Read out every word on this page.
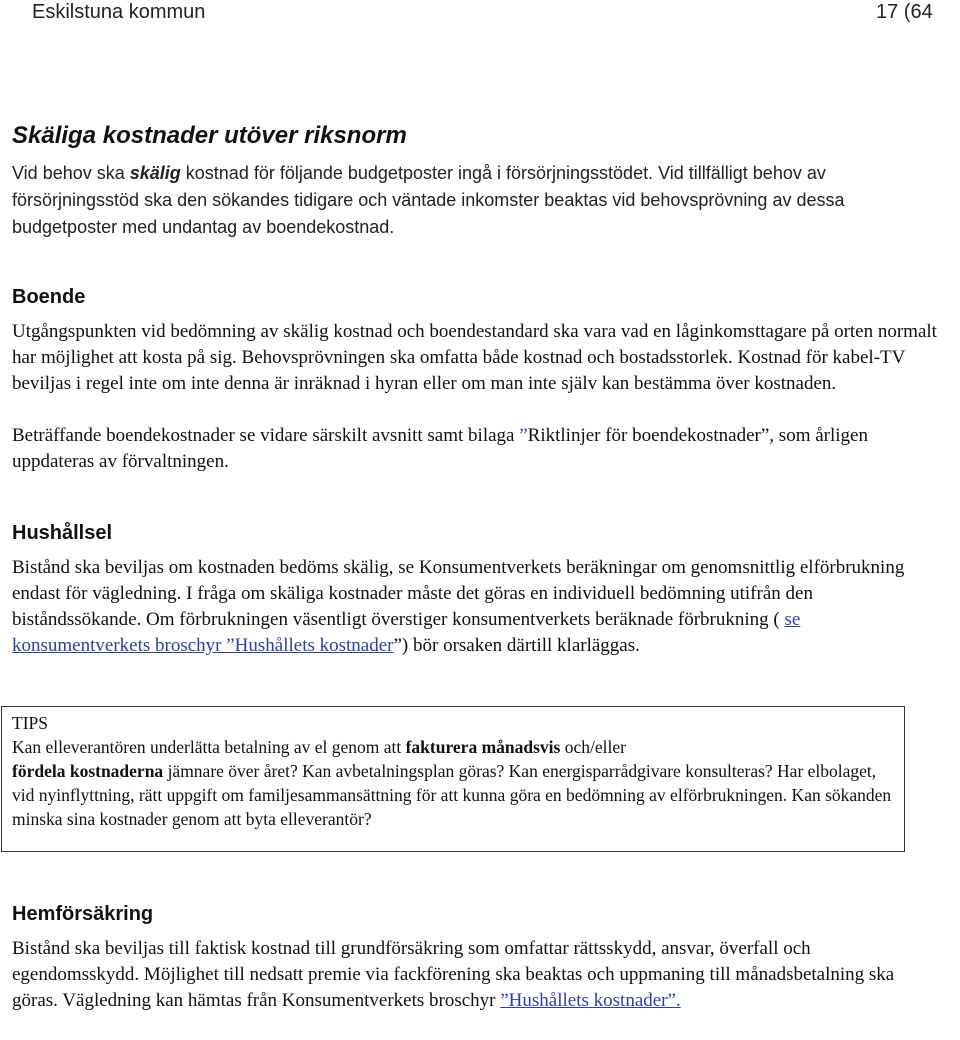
Eskilstuna kommun	17 (64
Skäliga kostnader utöver riksnorm

Vid behov ska skälig kostnad för följande budgetposter ingå i försörjningsstödet. Vid tillfälligt behov av försörjningsstöd ska den sökandes tidigare och väntade inkomster beaktas vid behovsprövning av dessa budgetposter med undantag av boendekostnad.

Boende

Utgångspunkten vid bedömning av skälig kostnad och boendestandard ska vara vad en låginkomsttagare på orten normalt har möjlighet att kosta på sig. Behovsprövningen ska omfatta både kostnad och bostadsstorlek. Kostnad för kabel-TV beviljas i regel inte om inte denna är inräknad i hyran eller om man inte själv kan bestämma över kostnaden.

Beträffande boendekostnader se vidare särskilt avsnitt samt bilaga ”Riktlinjer för boendekostnader”, som årligen uppdateras av förvaltningen.

Hushållsel

Bistånd ska beviljas om kostnaden bedöms skälig, se Konsumentverkets beräkningar om genomsnittlig elförbrukning endast för vägledning. I fråga om skäliga kostnader måste det göras en individuell bedömning utifrån den biståndssökande. Om förbrukningen väsentligt överstiger konsumentverkets beräknade förbrukning ( se konsumentverkets broschyr ”Hushållets kostnader”) bör orsaken därtill klarläggas.

TIPS

Kan elleverantören underlätta betalning av el genom att fakturera månadsvis och/eller
fördela kostnaderna jämnare över året? Kan avbetalningsplan göras? Kan energisparrådgivare konsulteras? Har elbolaget, vid nyinflyttning, rätt uppgift om familjesammansättning för att kunna göra en bedömning av elförbrukningen. Kan sökanden minska sina kostnader genom att byta elleverantör?

Hemförsäkring

Bistånd ska beviljas till faktisk kostnad till grundförsäkring som omfattar rättsskydd, ansvar, överfall och egendomsskydd. Möjlighet till nedsatt premie via fackförening ska beaktas och uppmaning till månadsbetalning ska göras. Vägledning kan hämtas från Konsumentverkets broschyr ”Hushållets kostnader”.
